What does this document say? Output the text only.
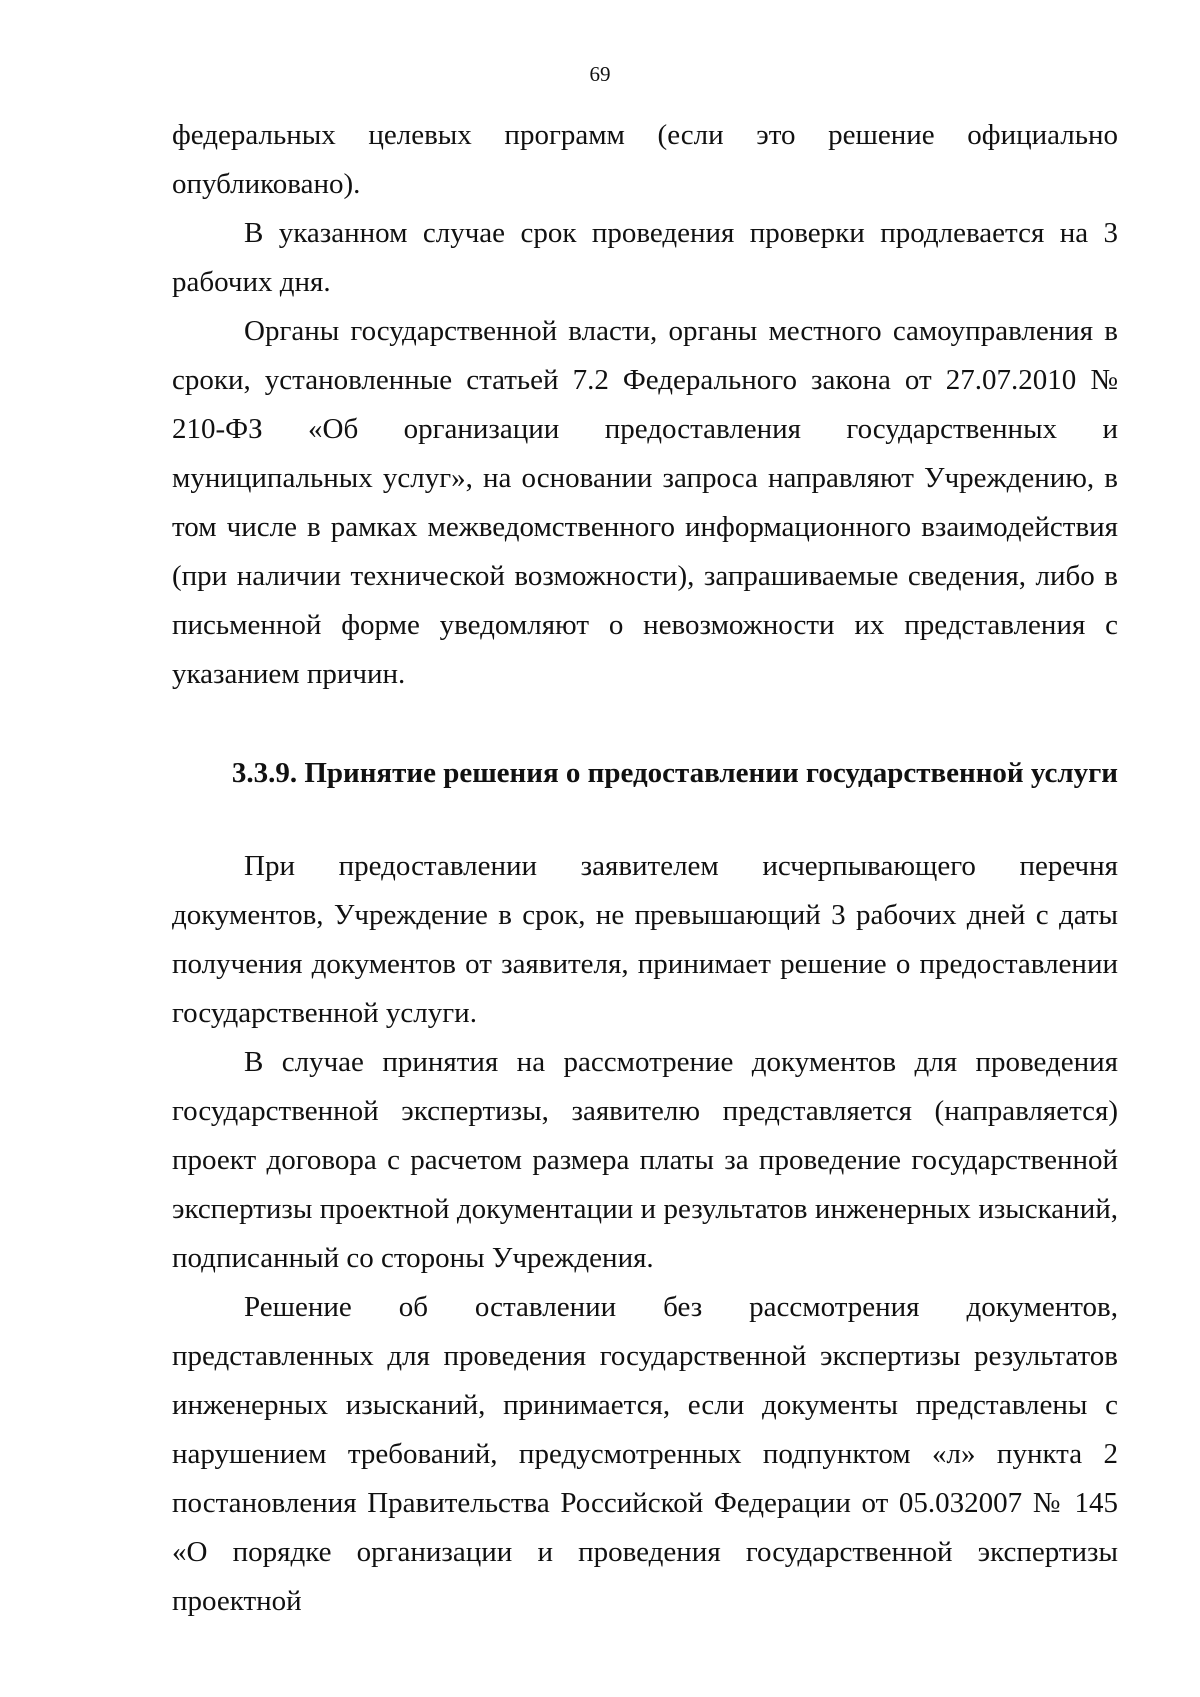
69

федеральных целевых программ (если это решение официально опубликовано).

В указанном случае срок проведения проверки продлевается на 3 рабочих дня.

Органы государственной власти, органы местного самоуправления в сроки, установленные статьей 7.2 Федерального закона от 27.07.2010 № 210-ФЗ «Об организации предоставления государственных и муниципальных услуг», на основании запроса направляют Учреждению, в том числе в рамках межведомственного информационного взаимодействия (при наличии технической возможности), запрашиваемые сведения, либо в письменной форме уведомляют о невозможности их представления с указанием причин.

3.3.9. Принятие решения о предоставлении государственной услуги

При предоставлении заявителем исчерпывающего перечня документов, Учреждение в срок, не превышающий 3 рабочих дней с даты получения документов от заявителя, принимает решение о предоставлении государственной услуги.

В случае принятия на рассмотрение документов для проведения государственной экспертизы, заявителю представляется (направляется) проект договора с расчетом размера платы за проведение государственной экспертизы проектной документации и результатов инженерных изысканий, подписанный со стороны Учреждения.

Решение об оставлении без рассмотрения документов, представленных для проведения государственной экспертизы результатов инженерных изысканий, принимается, если документы представлены с нарушением требований, предусмотренных подпунктом «л» пункта 2 постановления Правительства Российской Федерации от 05.032007 № 145 «О порядке организации и проведения государственной экспертизы проектной
